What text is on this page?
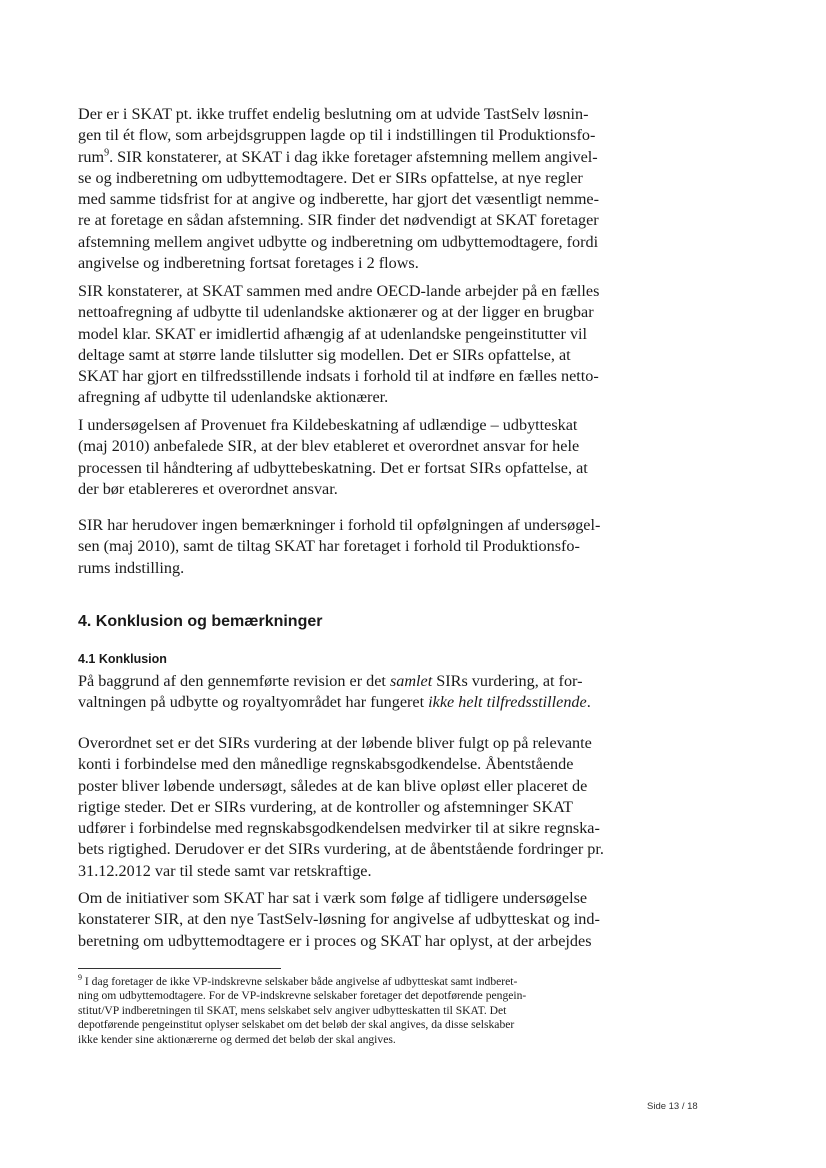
Der er i SKAT pt. ikke truffet endelig beslutning om at udvide TastSelv løsnin-
gen til ét flow, som arbejdsgruppen lagde op til i indstillingen til Produktionsfo-
rum$^9$. SIR konstaterer, at SKAT i dag ikke foretager afstemning mellem angivel-
se og indberetning om udbyttemodtagere. Det er SIRs opfattelse, at nye regler
med samme tidsfrist for at angive og indberette, har gjort det væsentligt nemme-
re at foretage en sådan afstemning. SIR finder det nødvendigt at SKAT foretager
afstemning mellem angivet udbytte og indberetning om udbyttemodtagere, fordi
angivelse og indberetning fortsat foretages i 2 flows.
SIR konstaterer, at SKAT sammen med andre OECD-lande arbejder på en fælles
nettoafregning af udbytte til udenlandske aktionærer og at der ligger en brugbar
model klar. SKAT er imidlertid afhængig af at udenlandske pengeinstitutter vil
deltage samt at større lande tilslutter sig modellen. Det er SIRs opfattelse, at
SKAT har gjort en tilfredsstillende indsats i forhold til at indføre en fælles netto-
afregning af udbytte til udenlandske aktionærer.
I undersøgelsen af Provenuet fra Kildebeskatning af udlændige – udbytteskat
(maj 2010) anbefalede SIR, at der blev etableret et overordnet ansvar for hele
processen til håndtering af udbyttebeskatning. Det er fortsat SIRs opfattelse, at
der bør etablereres et overordnet ansvar.
SIR har herudover ingen bemærkninger i forhold til opfølgningen af undersøgel-
sen (maj 2010), samt de tiltag SKAT har foretaget i forhold til Produktionsfo-
rums indstilling.
4. Konklusion og bemærkninger
4.1 Konklusion
På baggrund af den gennemførte revision er det samlet SIRs vurdering, at for-
valtningen på udbytte og royaltyområdet har fungeret ikke helt tilfredsstillende.
Overordnet set er det SIRs vurdering at der løbende bliver fulgt op på relevante
konti i forbindelse med den månedlige regnskabsgodkendelse. Åbentstående
poster bliver løbende undersøgt, således at de kan blive opløst eller placeret de
rigtige steder. Det er SIRs vurdering, at de kontroller og afstemninger SKAT
udfører i forbindelse med regnskabsgodkendelsen medvirker til at sikre regnska-
bets rigtighed. Derudover er det SIRs vurdering, at de åbentstående fordringer pr.
31.12.2012 var til stede samt var retskraftige.
Om de initiativer som SKAT har sat i værk som følge af tidligere undersøgelse
konstaterer SIR, at den nye TastSelv-løsning for angivelse af udbytteskat og ind-
beretning om udbyttemodtagere er i proces og SKAT har oplyst, at der arbejdes
$^9$ I dag foretager de ikke VP-indskrevne selskaber både angivelse af udbytteskat samt indberet-
ning om udbyttemodtagere. For de VP-indskrevne selskaber foretager det depotførende pengein-
stitut/VP indberetningen til SKAT, mens selskabet selv angiver udbytteskatten til SKAT. Det
depotførende pengeinstitut oplyser selskabet om det beløb der skal angives, da disse selskaber
ikke kender sine aktionærerne og dermed det beløb der skal angives.
Side 13 / 18
